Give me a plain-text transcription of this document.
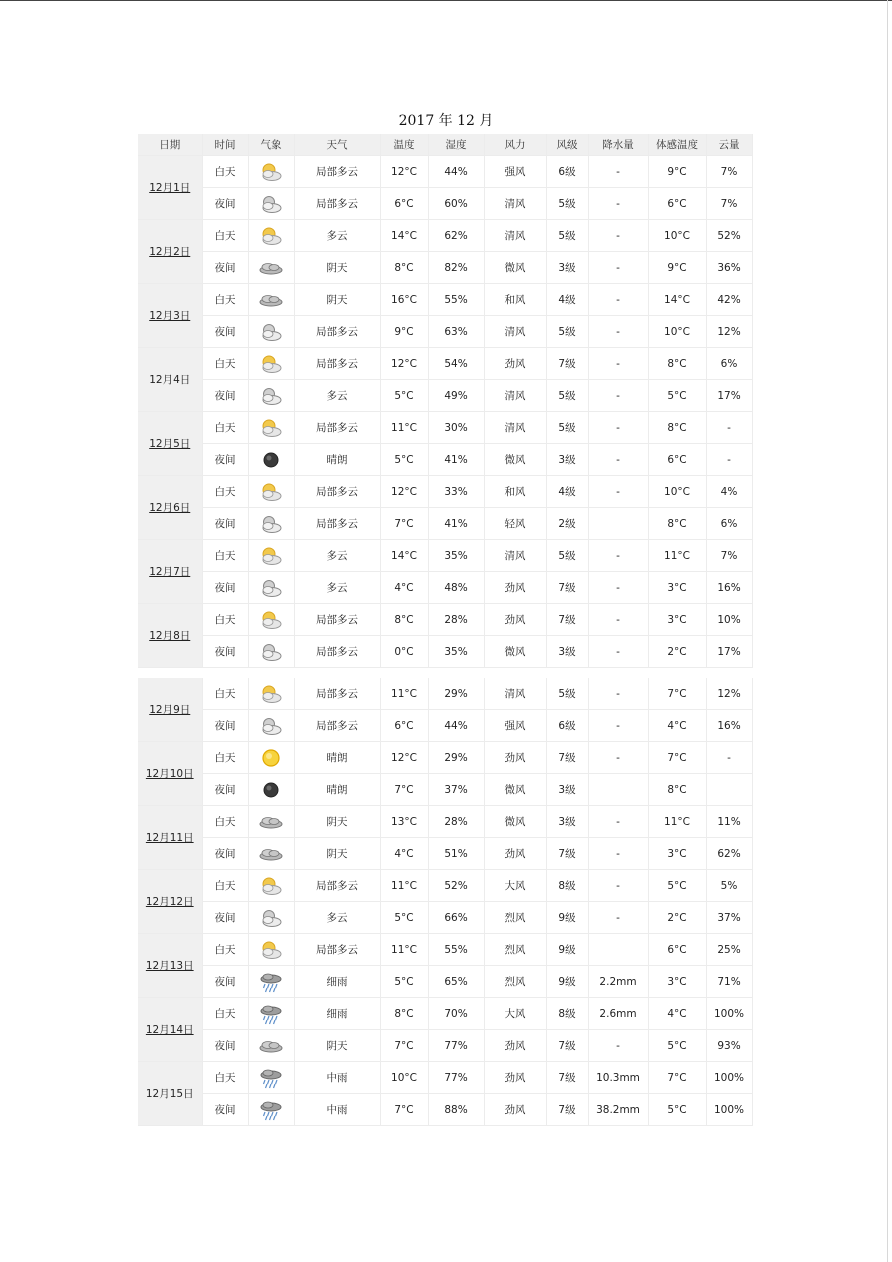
2017 年 12 月
日期	时间	气象	天气	温度	湿度	风力	风级	降水量	体感温度	云量
12月1日	白天		局部多云	12°C	44%	强风	6级	-	9°C	7%
	夜间		局部多云	6°C	60%	清风	5级	-	6°C	7%
12月2日	白天		多云	14°C	62%	清风	5级	-	10°C	52%
	夜间		阴天	8°C	82%	微风	3级	-	9°C	36%
12月3日	白天		阴天	16°C	55%	和风	4级	-	14°C	42%
	夜间		局部多云	9°C	63%	清风	5级	-	10°C	12%
12月4日	白天		局部多云	12°C	54%	劲风	7级	-	8°C	6%
	夜间		多云	5°C	49%	清风	5级	-	5°C	17%
12月5日	白天		局部多云	11°C	30%	清风	5级	-	8°C	-
	夜间		晴朗	5°C	41%	微风	3级	-	6°C	-
12月6日	白天		局部多云	12°C	33%	和风	4级	-	10°C	4%
	夜间		局部多云	7°C	41%	轻风	2级		8°C	6%
12月7日	白天		多云	14°C	35%	清风	5级	-	11°C	7%
	夜间		多云	4°C	48%	劲风	7级	-	3°C	16%
12月8日	白天		局部多云	8°C	28%	劲风	7级	-	3°C	10%
	夜间		局部多云	0°C	35%	微风	3级	-	2°C	17%
12月9日	白天		局部多云	11°C	29%	清风	5级	-	7°C	12%
	夜间		局部多云	6°C	44%	强风	6级	-	4°C	16%
12月10日	白天		晴朗	12°C	29%	劲风	7级	-	7°C	-
	夜间		晴朗	7°C	37%	微风	3级		8°C	
12月11日	白天		阴天	13°C	28%	微风	3级	-	11°C	11%
	夜间		阴天	4°C	51%	劲风	7级	-	3°C	62%
12月12日	白天		局部多云	11°C	52%	大风	8级	-	5°C	5%
	夜间		多云	5°C	66%	烈风	9级	-	2°C	37%
12月13日	白天		局部多云	11°C	55%	烈风	9级		6°C	25%
	夜间		细雨	5°C	65%	烈风	9级	2.2mm	3°C	71%
12月14日	白天		细雨	8°C	70%	大风	8级	2.6mm	4°C	100%
	夜间		阴天	7°C	77%	劲风	7级	-	5°C	93%
12月15日	白天		中雨	10°C	77%	劲风	7级	10.3mm	7°C	100%
	夜间		中雨	7°C	88%	劲风	7级	38.2mm	5°C	100%
